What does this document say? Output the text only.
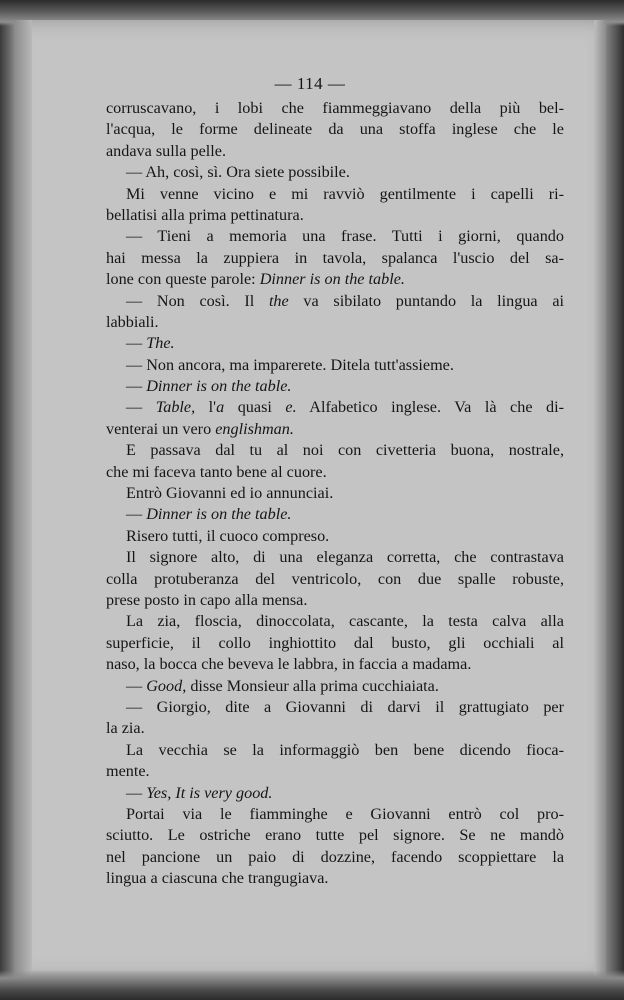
— 114 —
corruscavano, i lobi che fiammeggiavano della più bel-
l'acqua, le forme delineate da una stoffa inglese che le
andava sulla pelle.
— Ah, così, sì. Ora siete possibile.
Mi venne vicino e mi ravviò gentilmente i capelli ri-
bellatisi alla prima pettinatura.
— Tieni a memoria una frase. Tutti i giorni, quando
hai messa la zuppiera in tavola, spalanca l'uscio del sa-
lone con queste parole: Dinner is on the table.
— Non così. Il the va sibilato puntando la lingua ai
labbiali.
— The.
— Non ancora, ma imparerete. Ditela tutt'assieme.
— Dinner is on the table.
— Table, l'a quasi e. Alfabetico inglese. Va là che di-
venterai un vero englishman.
E passava dal tu al noi con civetteria buona, nostrale,
che mi faceva tanto bene al cuore.
Entrò Giovanni ed io annunciai.
— Dinner is on the table.
Risero tutti, il cuoco compreso.
Il signore alto, di una eleganza corretta, che contrastava
colla protuberanza del ventricolo, con due spalle robuste,
prese posto in capo alla mensa.
La zia, floscia, dinoccolata, cascante, la testa calva alla
superficie, il collo inghiottito dal busto, gli occhiali al
naso, la bocca che beveva le labbra, in faccia a madama.
— Good, disse Monsieur alla prima cucchiaiata.
— Giorgio, dite a Giovanni di darvi il grattugiato per
la zia.
La vecchia se la informaggiò ben bene dicendo fioca-
mente.
— Yes, It is very good.
Portai via le fiamminghe e Giovanni entrò col pro-
sciutto. Le ostriche erano tutte pel signore. Se ne mandò
nel pancione un paio di dozzine, facendo scoppiettare la
lingua a ciascuna che trangugiava.
